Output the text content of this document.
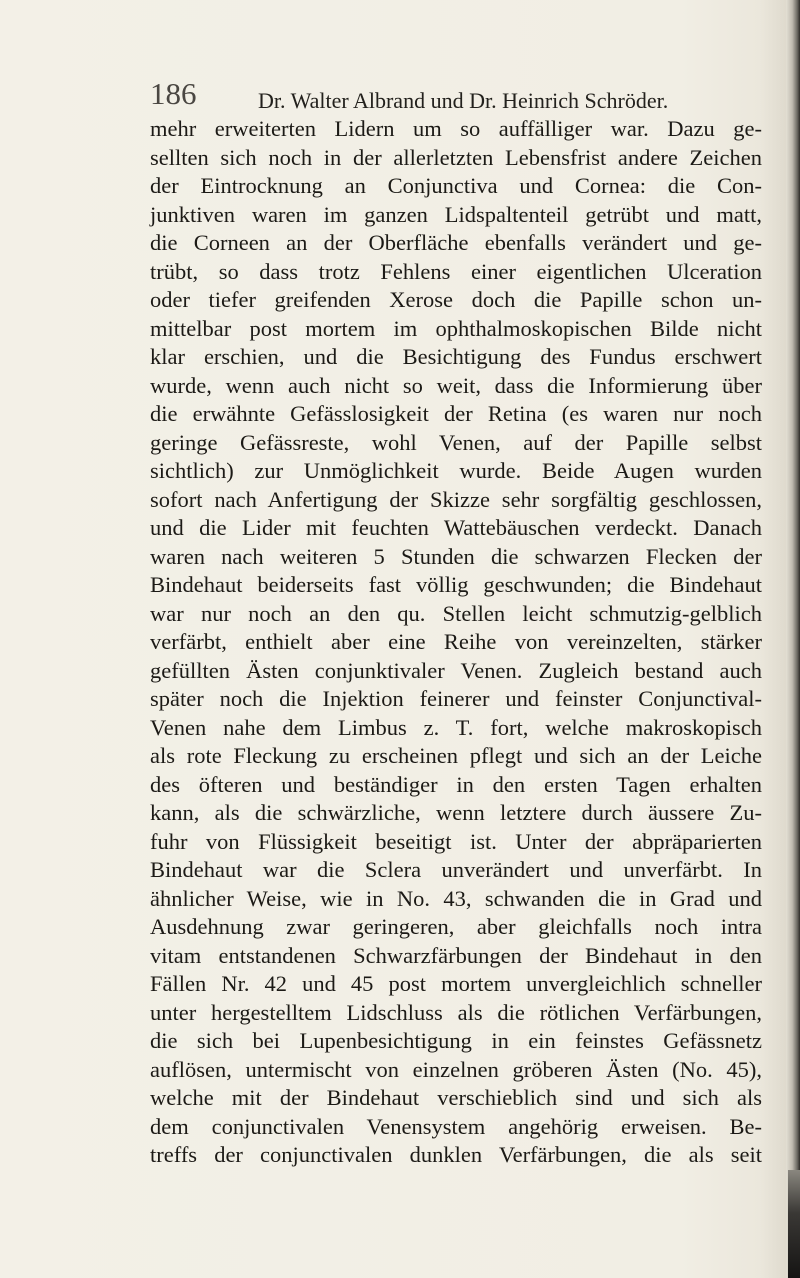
186	Dr. Walter Albrand und Dr. Heinrich Schröder.
mehr erweiterten Lidern um so auffälliger war. Dazu ge-
sellten sich noch in der allerletzten Lebensfrist andere Zeichen
der Eintrocknung an Conjunctiva und Cornea: die Con-
junktiven waren im ganzen Lidspaltenteil getrübt und matt,
die Corneen an der Oberfläche ebenfalls verändert und ge-
trübt, so dass trotz Fehlens einer eigentlichen Ulceration
oder tiefer greifenden Xerose doch die Papille schon un-
mittelbar post mortem im ophthalmoskopischen Bilde nicht
klar erschien, und die Besichtigung des Fundus erschwert
wurde, wenn auch nicht so weit, dass die Informierung über
die erwähnte Gefässlosigkeit der Retina (es waren nur noch
geringe Gefässreste, wohl Venen, auf der Papille selbst
sichtlich) zur Unmöglichkeit wurde. Beide Augen wurden
sofort nach Anfertigung der Skizze sehr sorgfältig geschlossen,
und die Lider mit feuchten Wattebäuschen verdeckt. Danach
waren nach weiteren 5 Stunden die schwarzen Flecken der
Bindehaut beiderseits fast völlig geschwunden; die Bindehaut
war nur noch an den qu. Stellen leicht schmutzig-gelblich
verfärbt, enthielt aber eine Reihe von vereinzelten, stärker
gefüllten Ästen conjunktivaler Venen. Zugleich bestand auch
später noch die Injektion feinerer und feinster Conjunctival-
Venen nahe dem Limbus z. T. fort, welche makroskopisch
als rote Fleckung zu erscheinen pflegt und sich an der Leiche
des öfteren und beständiger in den ersten Tagen erhalten
kann, als die schwärzliche, wenn letztere durch äussere Zu-
fuhr von Flüssigkeit beseitigt ist. Unter der abpräparierten
Bindehaut war die Sclera unverändert und unverfärbt. In
ähnlicher Weise, wie in No. 43, schwanden die in Grad und
Ausdehnung zwar geringeren, aber gleichfalls noch intra
vitam entstandenen Schwarzfärbungen der Bindehaut in den
Fällen Nr. 42 und 45 post mortem unvergleichlich schneller
unter hergestelltem Lidschluss als die rötlichen Verfärbungen,
die sich bei Lupenbesichtigung in ein feinstes Gefässnetz
auflösen, untermischt von einzelnen gröberen Ästen (No. 45),
welche mit der Bindehaut verschieblich sind und sich als
dem conjunctivalen Venensystem angehörig erweisen. Be-
treffs der conjunctivalen dunklen Verfärbungen, die als seit
